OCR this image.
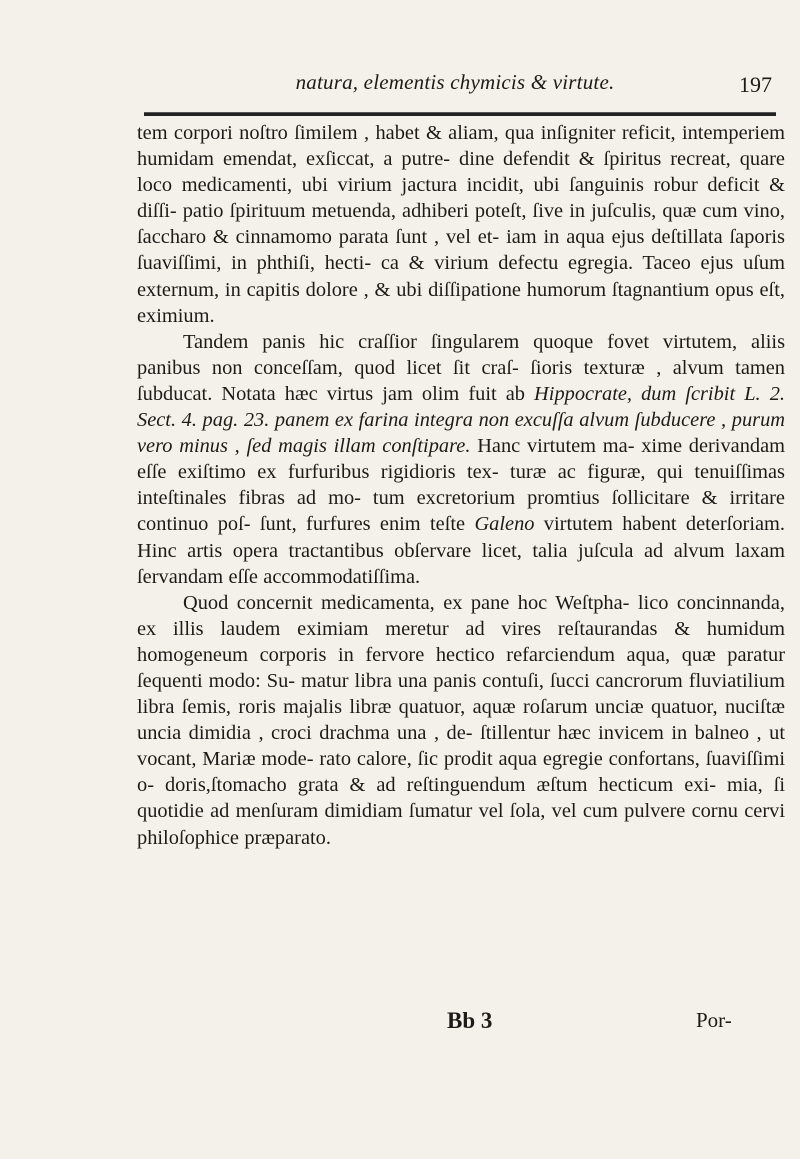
natura, elementis chymicis & virtute.	197

tem corpori noſtro ſimilem , habet & aliam, qua inſigniter reficit, intemperiem humidam emendat, exſiccat, a putre- dine defendit & ſpiritus recreat, quare loco medicamenti, ubi virium jactura incidit, ubi ſanguinis robur deficit & diſſi- patio ſpirituum metuenda, adhiberi poteſt, ſive in juſculis, quæ cum vino, ſaccharo & cinnamomo parata ſunt , vel et- iam in aqua ejus deſtillata ſaporis ſuaviſſimi, in phthiſi, hecti- ca & virium defectu egregia. Taceo ejus uſum externum, in capitis dolore , & ubi diſſipatione humorum ſtagnantium opus eſt, eximium.

Tandem panis hic craſſior ſingularem quoque fovet virtutem, aliis panibus non conceſſam, quod licet ſit craſ- ſioris texturæ , alvum tamen ſubducat. Notata hæc virtus jam olim fuit ab Hippocrate, dum ſcribit L. 2. Sect. 4. pag. 23. panem ex farina integra non excuſſa alvum ſubducere , purum vero minus , ſed magis illam conſtipare. Hanc virtutem ma- xime derivandam eſſe exiſtimo ex furfuribus rigidioris tex- turæ ac figuræ, qui tenuiſſimas inteſtinales fibras ad mo- tum excretorium promtius ſollicitare & irritare continuo poſ- ſunt, furfures enim teſte Galeno virtutem habent deterſoriam. Hinc artis opera tractantibus obſervare licet, talia juſcula ad alvum laxam ſervandam eſſe accommodatiſſima.

Quod concernit medicamenta, ex pane hoc Weſtpha- lico concinnanda, ex illis laudem eximiam meretur ad vires reſtaurandas & humidum homogeneum corporis in fervore hectico refarciendum aqua, quæ paratur ſequenti modo: Su- matur libra una panis contuſi, ſucci cancrorum fluviatilium libra ſemis, roris majalis libræ quatuor, aquæ roſarum unciæ quatuor, nuciſtæ uncia dimidia , croci drachma una , de- ſtillentur hæc invicem in balneo , ut vocant, Mariæ mode- rato calore, ſic prodit aqua egregie confortans, ſuaviſſimi o- doris,ſtomacho grata & ad reſtinguendum æſtum hecticum exi- mia, ſi quotidie ad menſuram dimidiam ſumatur vel ſola, vel cum pulvere cornu cervi philoſophice præparato.

Bb 3	Por-
